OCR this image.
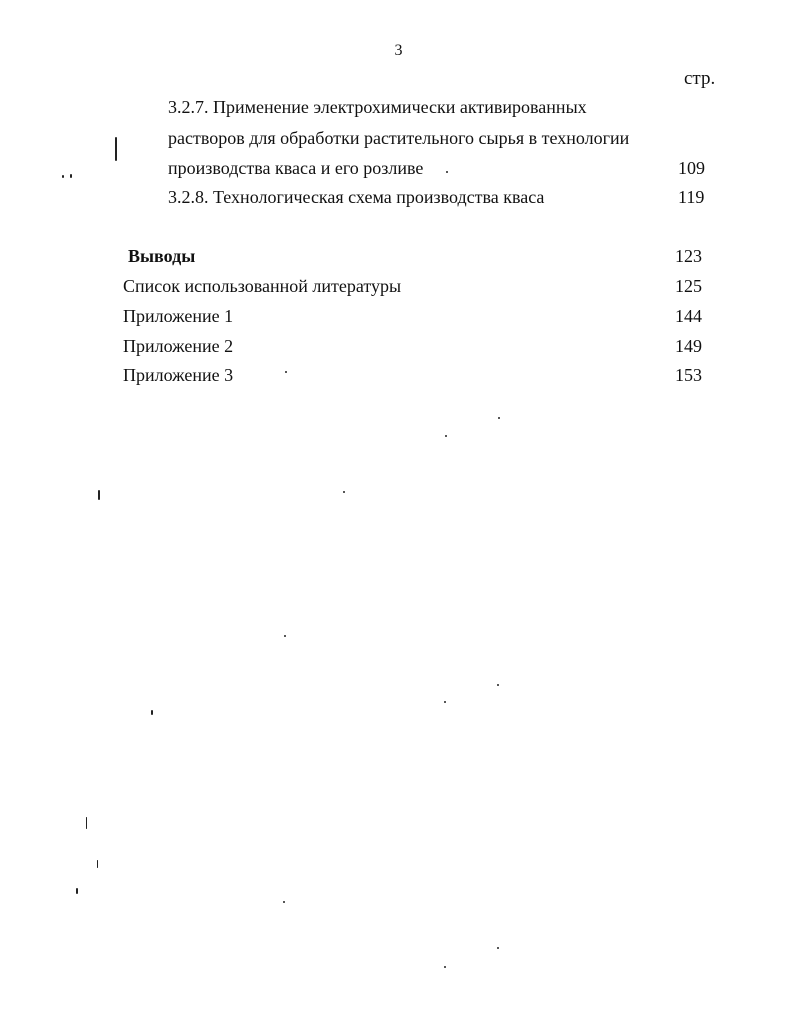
3
стр.
3.2.7. Применение электрохимически активированных
растворов для обработки растительного сырья в технологии
производства кваса и его розливе	109
3.2.8. Технологическая схема производства кваса	119
Выводы	123
Список использованной литературы	125
Приложение 1	144
Приложение 2	149
Приложение 3	153
